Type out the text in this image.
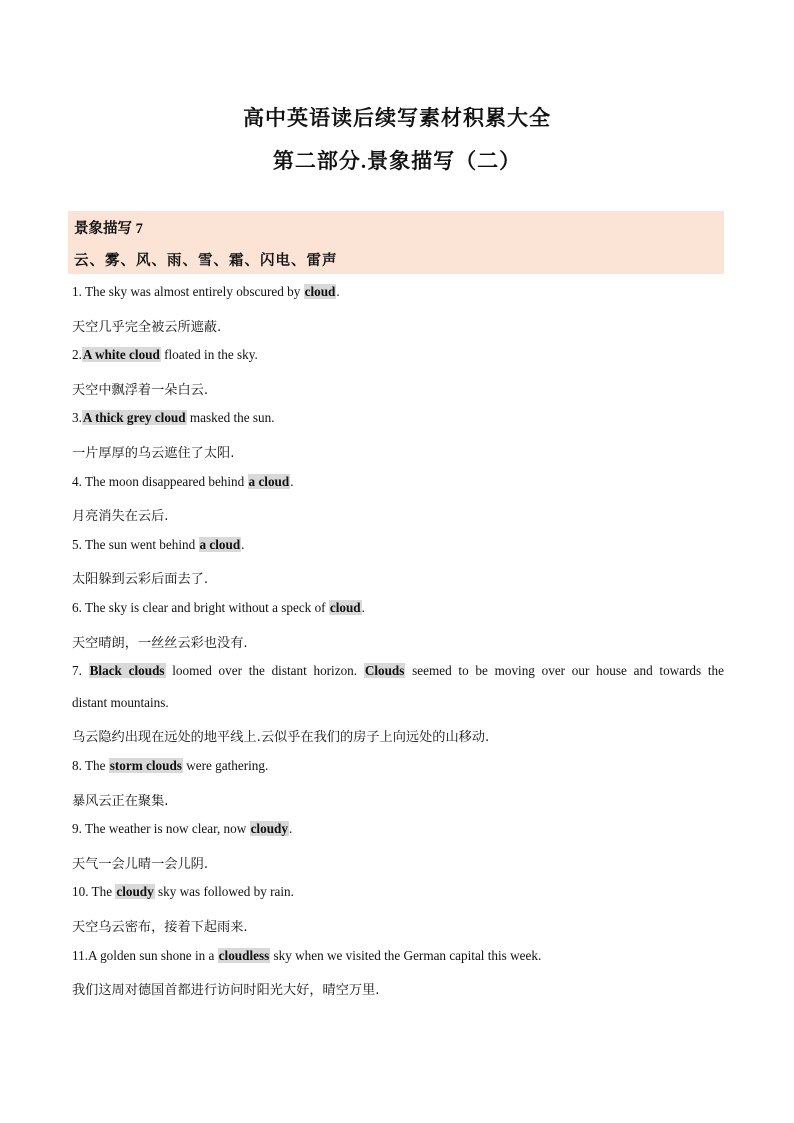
高中英语读后续写素材积累大全
第二部分.景象描写（二）
景象描写 7
云、雾、风、雨、雪、霜、闪电、雷声
1. The sky was almost entirely obscured by cloud.
天空几乎完全被云所遮蔽.
2.A white cloud floated in the sky.
天空中飘浮着一朵白云.
3.A thick grey cloud masked the sun.
一片厚厚的乌云遮住了太阳.
4. The moon disappeared behind a cloud.
月亮消失在云后.
5. The sun went behind a cloud.
太阳躲到云彩后面去了.
6. The sky is clear and bright without a speck of cloud.
天空晴朗，一丝丝云彩也没有.
7. Black clouds loomed over the distant horizon. Clouds seemed to be moving over our house and towards the
distant mountains.
乌云隐约出现在远处的地平线上.云似乎在我们的房子上向远处的山移动.
8. The storm clouds were gathering.
暴风云正在聚集.
9. The weather is now clear, now cloudy.
天气一会儿晴一会儿阴.
10. The cloudy sky was followed by rain.
天空乌云密布，接着下起雨来.
11.A golden sun shone in a cloudless sky when we visited the German capital this week.
我们这周对德国首都进行访问时阳光大好，晴空万里.
